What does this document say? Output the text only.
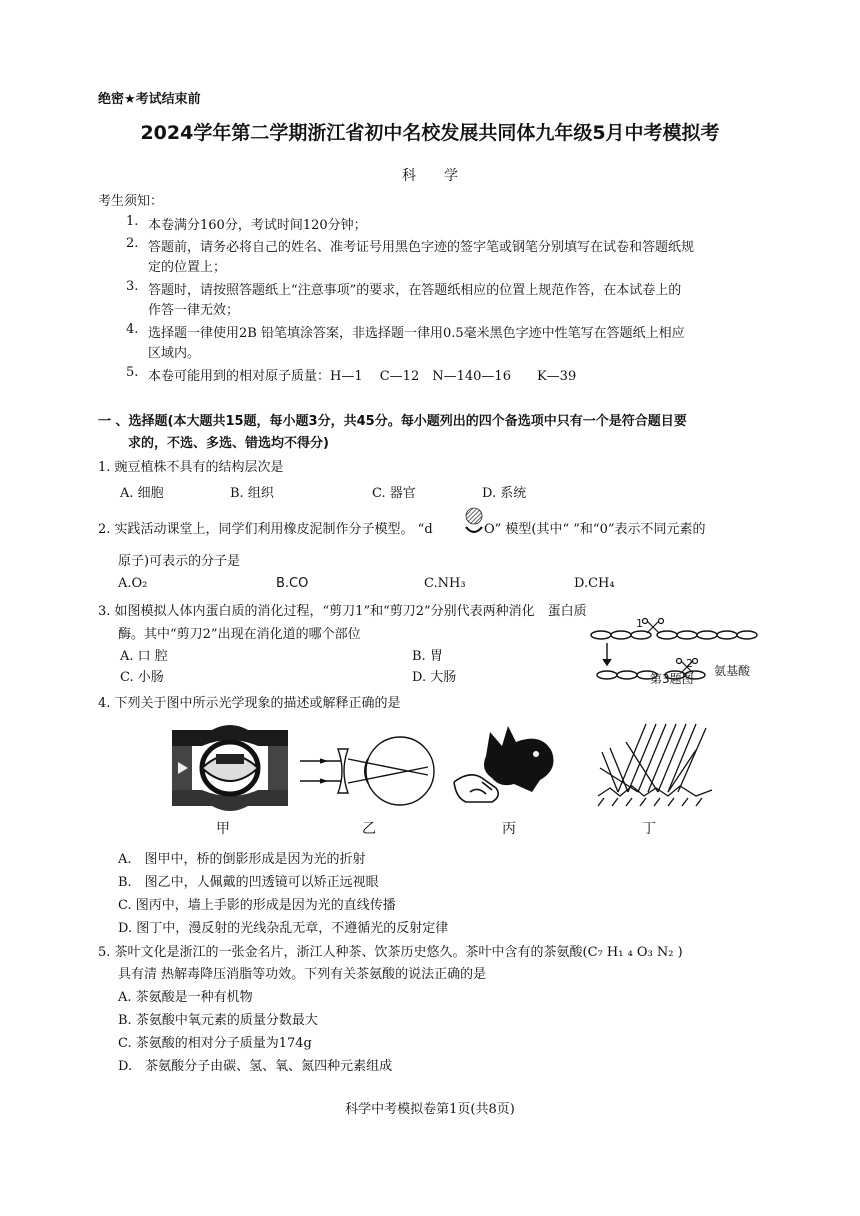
绝密★考试结束前
2024学年第二学期浙江省初中名校发展共同体九年级5月中考模拟考
科　　学
考生须知：
1. 本卷满分160分，考试时间120分钟；
2. 答题前，请务必将自己的姓名、准考证号用黑色字迹的签字笔或钢笔分别填写在试卷和答题纸规
定的位置上；
3. 答题时，请按照答题纸上“注意事项”的要求，在答题纸相应的位置上规范作答，在本试卷上的
作答一律无效；
4. 选择题一律使用2B 铅笔填涂答案，非选择题一律用0.5毫米黑色字迹中性笔写在答题纸上相应
区域内。
5. 本卷可能用到的相对原子质量：H—1　 C—12　N—140—16　　K—39
一 、选择题(本大题共15题，每小题3分，共45分。每小题列出的四个备选项中只有一个是符合题目要
求的，不选、多选、错选均不得分)
1. 豌豆植株不具有的结构层次是
A. 细胞	B. 组织	C. 器官	D. 系统
2. 实践活动课堂上，同学们利用橡皮泥制作分子模型。 “d	O” 模型(其中“ ”和“0”表示不同元素的
原子)可表示的分子是
A.O₂	B.CO	C.NH₃	D.CH₄
3. 如图模拟人体内蛋白质的消化过程，“剪刀1”和“剪刀2”分别代表两种消化　蛋白质
酶。其中“剪刀2”出现在消化道的哪个部位
A. 口 腔	B. 胃
C. 小肠	D. 大肠
1
2
第3题图
氨基酸
4. 下列关于图中所示光学现象的描述或解释正确的是
甲	乙	丙	丁
A.　图甲中，桥的倒影形成是因为光的折射
B.　图乙中，人佩戴的凹透镜可以矫正远视眼
C. 图丙中，墙上手影的形成是因为光的直线传播
D. 图丁中，漫反射的光线杂乱无章，不遵循光的反射定律
5. 茶叶文化是浙江的一张金名片，浙江人种茶、饮茶历史悠久。茶叶中含有的茶氨酸(C₇ H₁ ₄ O₃ N₂ )
具有清 热解毒降压消脂等功效。下列有关茶氨酸的说法正确的是
A. 茶氨酸是一种有机物
B. 茶氨酸中氧元素的质量分数最大
C. 茶氨酸的相对分子质量为174g
D.　茶氨酸分子由碳、氢、氧、氮四种元素组成
科学中考模拟卷第1页(共8页)
